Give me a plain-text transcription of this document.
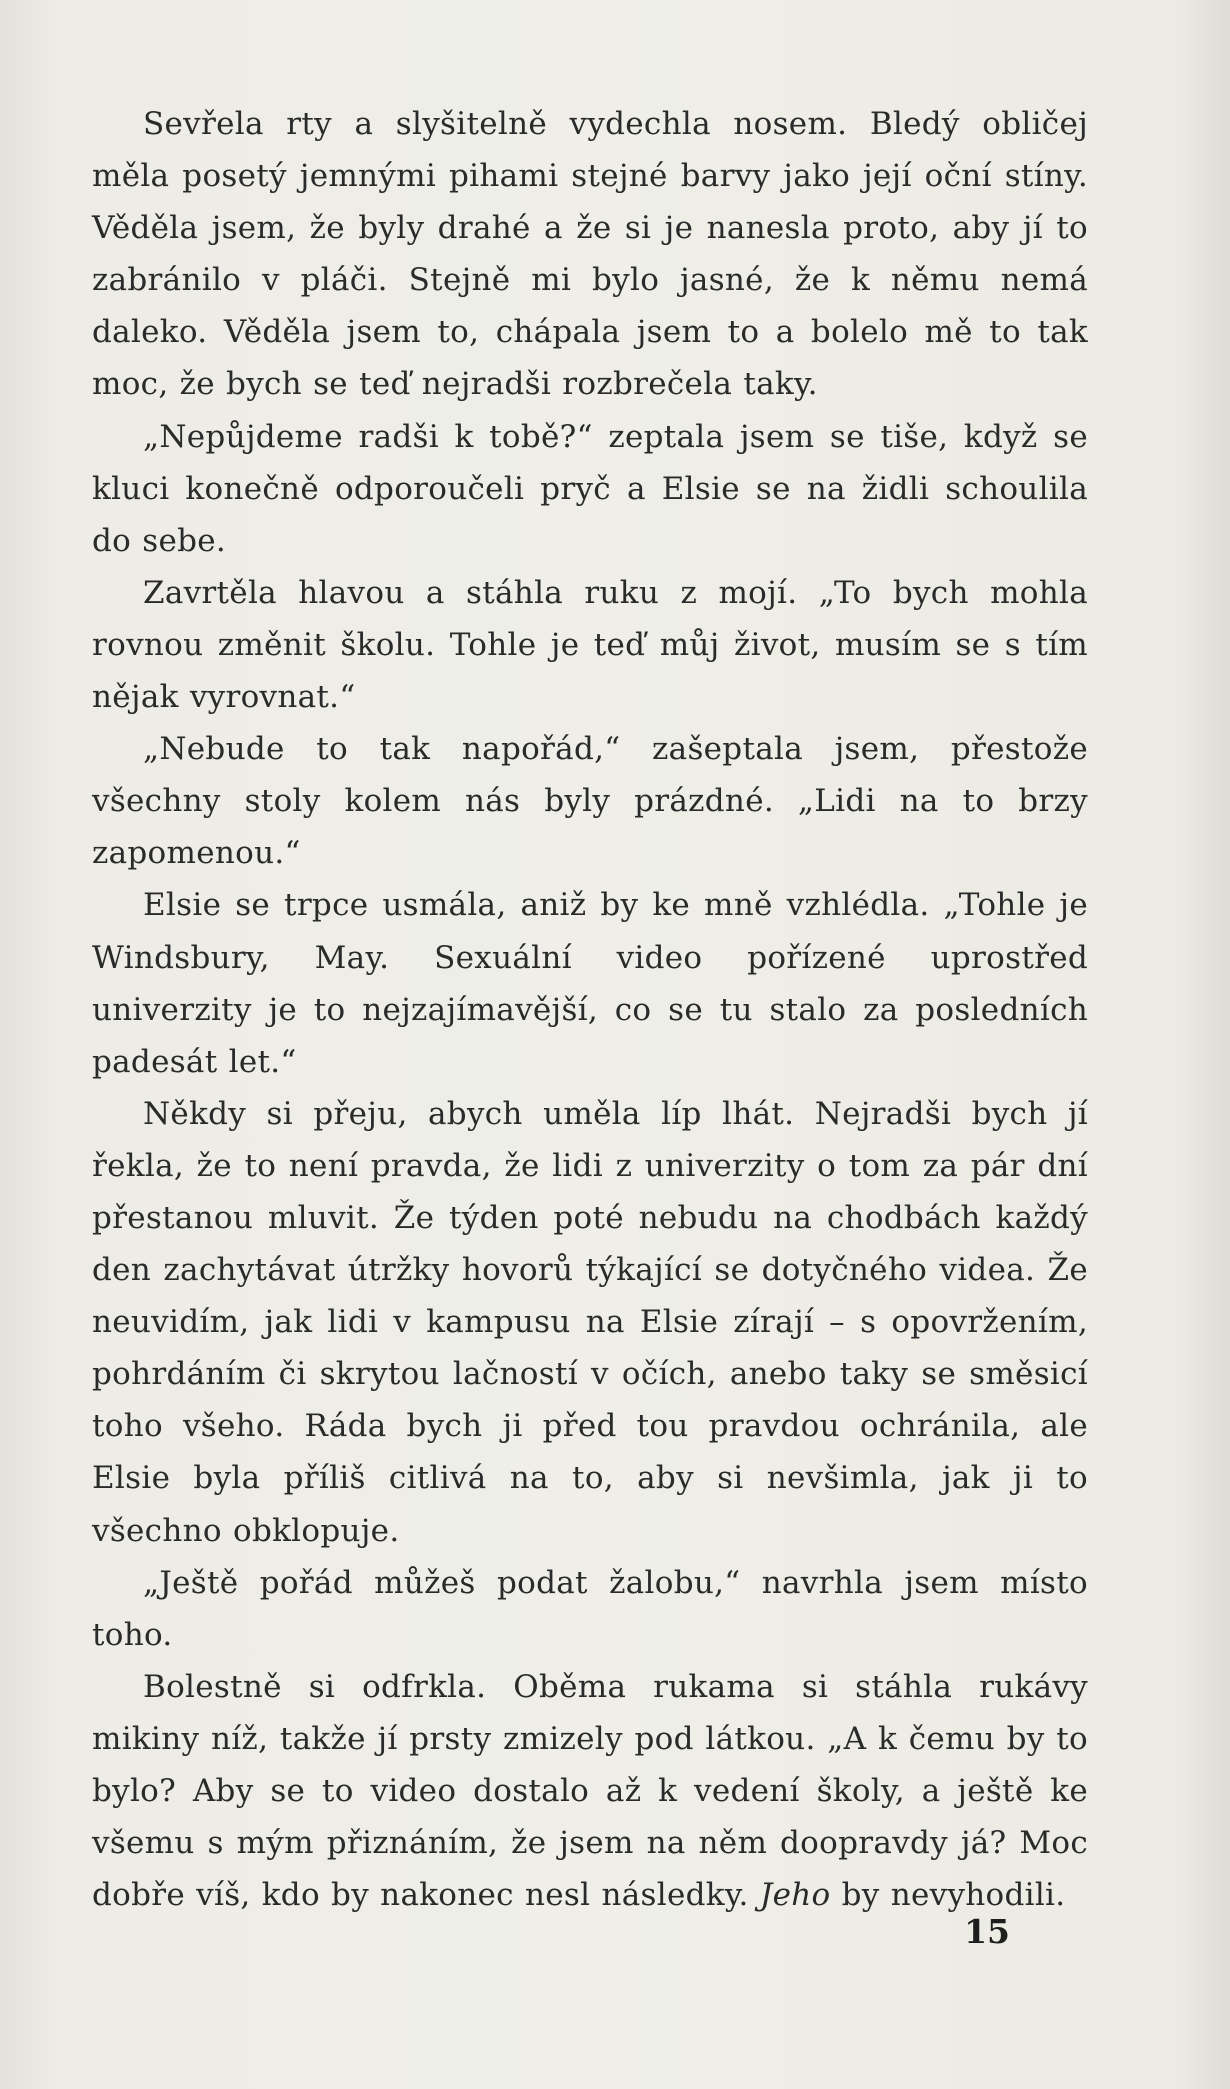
Sevřela rty a slyšitelně vydechla nosem. Bledý obličej měla posetý jemnými pihami stejné barvy jako její oční stíny. Věděla jsem, že byly drahé a že si je nanesla proto, aby jí to zabránilo v pláči. Stejně mi bylo jasné, že k němu nemá daleko. Věděla jsem to, chápala jsem to a bolelo mě to tak moc, že bych se teď nejradši rozbrečela taky.

„Nepůjdeme radši k tobě?“ zeptala jsem se tiše, když se kluci konečně odporoučeli pryč a Elsie se na židli schoulila do sebe.

Zavrtěla hlavou a stáhla ruku z mojí. „To bych mohla rovnou změnit školu. Tohle je teď můj život, musím se s tím nějak vyrovnat.“

„Nebude to tak napořád,“ zašeptala jsem, přestože všechny stoly kolem nás byly prázdné. „Lidi na to brzy zapomenou.“

Elsie se trpce usmála, aniž by ke mně vzhlédla. „Tohle je Windsbury, May. Sexuální video pořízené uprostřed univerzity je to nejzajímavější, co se tu stalo za posledních padesát let.“

Někdy si přeju, abych uměla líp lhát. Nejradši bych jí řekla, že to není pravda, že lidi z univerzity o tom za pár dní přestanou mluvit. Že týden poté nebudu na chodbách každý den zachytávat útržky hovorů týkající se dotyčného videa. Že neuvidím, jak lidi v kampusu na Elsie zírají – s opovržením, pohrdáním či skrytou lačností v očích, anebo taky se směsicí toho všeho. Ráda bych ji před tou pravdou ochránila, ale Elsie byla příliš citlivá na to, aby si nevšimla, jak ji to všechno obklopuje.

„Ještě pořád můžeš podat žalobu,“ navrhla jsem místo toho.

Bolestně si odfrkla. Oběma rukama si stáhla rukávy mikiny níž, takže jí prsty zmizely pod látkou. „A k čemu by to bylo? Aby se to video dostalo až k vedení školy, a ještě ke všemu s mým přiznáním, že jsem na něm doopravdy já? Moc dobře víš, kdo by nakonec nesl následky. Jeho by nevyhodili.

15
